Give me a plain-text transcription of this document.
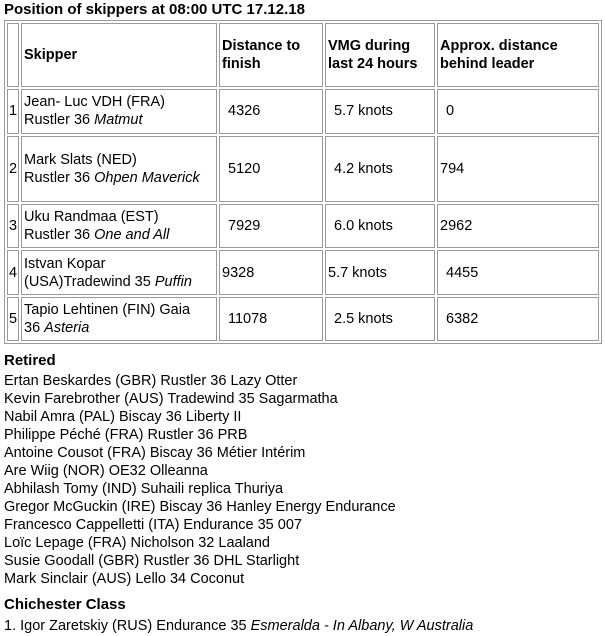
Position of skippers at 08:00 UTC 17.12.18
	Skipper	Distance to finish	VMG during last 24 hours	Approx. distance behind leader
1	Jean- Luc VDH (FRA)
Rustler 36 Matmut	4326	5.7 knots	0
2	Mark Slats (NED)
Rustler 36 Ohpen Maverick	5120	4.2 knots	794
3	Uku Randmaa (EST)
Rustler 36 One and All	7929	6.0 knots	2962
4	Istvan Kopar
(USA)Tradewind 35 Puffin	9328	5.7 knots	4455
5	Tapio Lehtinen (FIN) Gaia
36 Asteria	11078	2.5 knots	6382
Retired
Ertan Beskardes (GBR) Rustler 36 Lazy Otter
Kevin Farebrother (AUS) Tradewind 35 Sagarmatha
Nabil Amra (PAL) Biscay 36 Liberty II
Philippe Péché (FRA) Rustler 36 PRB
Antoine Cousot (FRA) Biscay 36 Métier Intérim
Are Wiig (NOR) OE32 Olleanna
Abhilash Tomy (IND) Suhaili replica Thuriya
Gregor McGuckin (IRE) Biscay 36 Hanley Energy Endurance
Francesco Cappelletti (ITA) Endurance 35 007
Loïc Lepage (FRA) Nicholson 32 Laaland
Susie Goodall (GBR) Rustler 36 DHL Starlight
Mark Sinclair (AUS) Lello 34 Coconut
Chichester Class
1. Igor Zaretskiy (RUS) Endurance 35 Esmeralda - In Albany, W Australia
